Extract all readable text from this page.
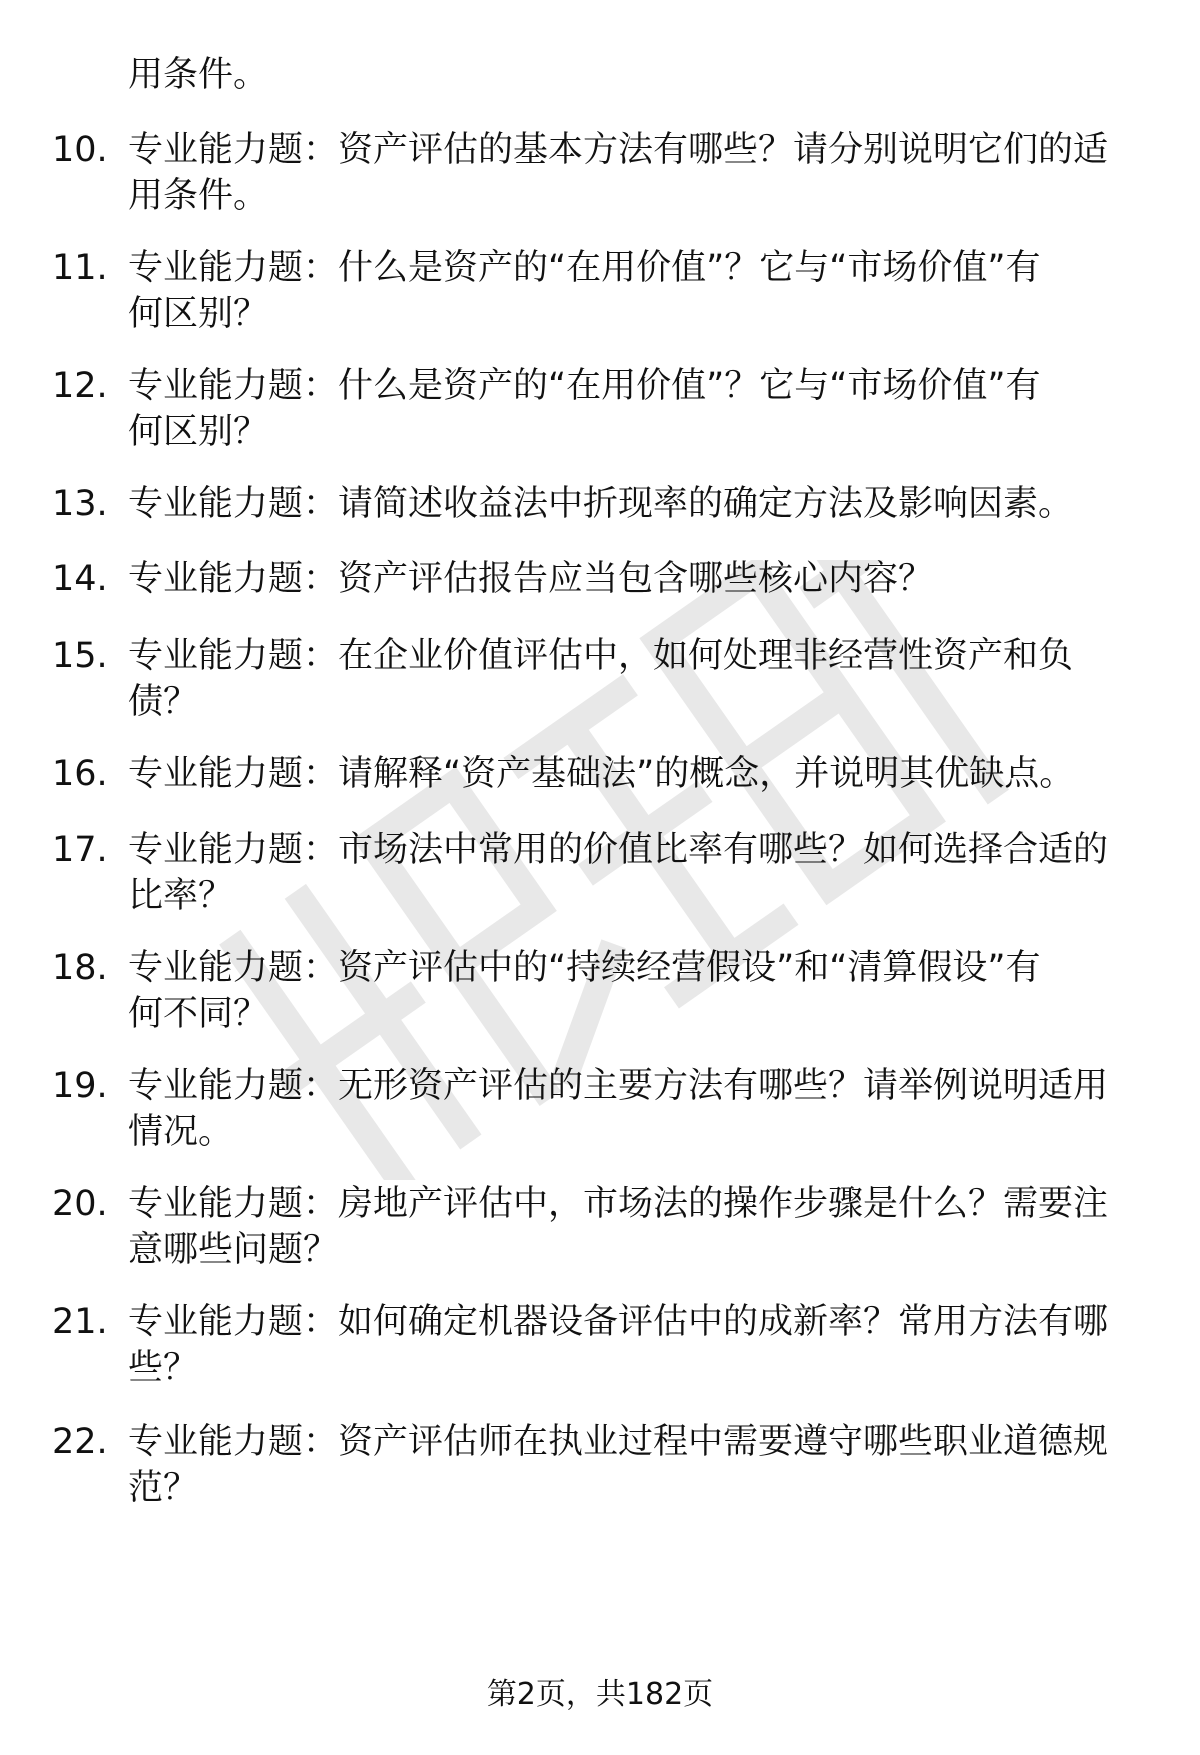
用条件。
10. 专业能力题：资产评估的基本方法有哪些？请分别说明它们的适
用条件。
11. 专业能力题：什么是资产的“在用价值”？它与“市场价值”有
何区别？
12. 专业能力题：什么是资产的“在用价值”？它与“市场价值”有
何区别？
13. 专业能力题：请简述收益法中折现率的确定方法及影响因素。
14. 专业能力题：资产评估报告应当包含哪些核心内容？
15. 专业能力题：在企业价值评估中，如何处理非经营性资产和负
债？
16. 专业能力题：请解释“资产基础法”的概念，并说明其优缺点。
17. 专业能力题：市场法中常用的价值比率有哪些？如何选择合适的
比率？
18. 专业能力题：资产评估中的“持续经营假设”和“清算假设”有
何不同？
19. 专业能力题：无形资产评估的主要方法有哪些？请举例说明适用
情况。
20. 专业能力题：房地产评估中，市场法的操作步骤是什么？需要注
意哪些问题？
21. 专业能力题：如何确定机器设备评估中的成新率？常用方法有哪
些？
22. 专业能力题：资产评估师在执业过程中需要遵守哪些职业道德规
范？
第2页，共182页
